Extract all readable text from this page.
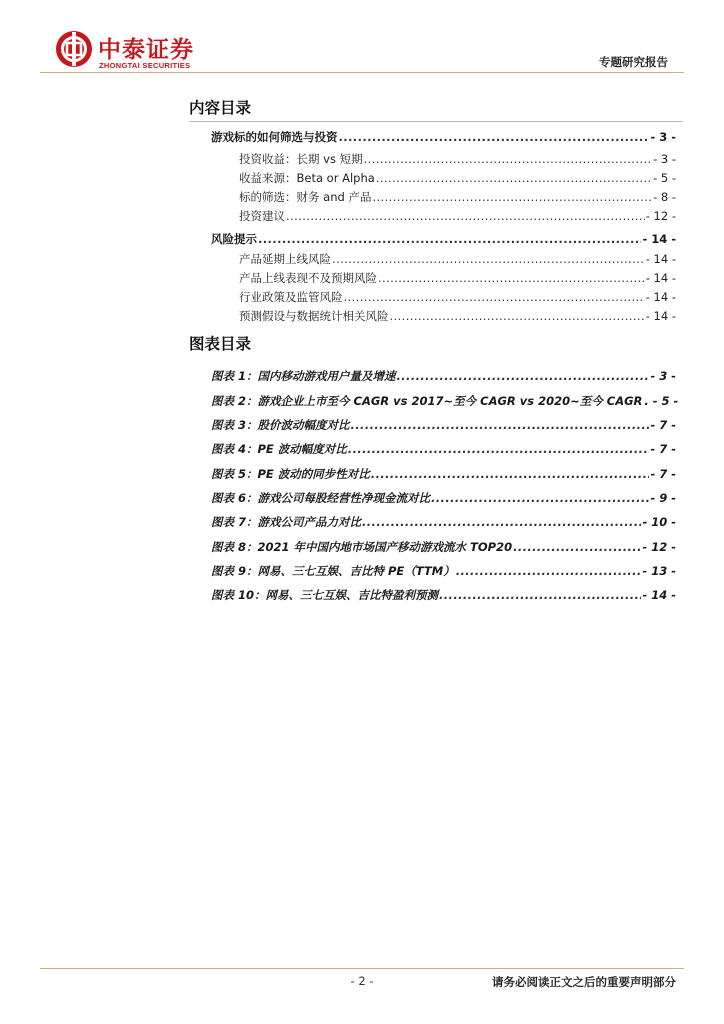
中泰证券
ZHONGTAI SECURITIES	专题研究报告
内容目录
游戏标的如何筛选与投资 .....	- 3 -
投资收益：长期 vs 短期 .....	- 3 -
收益来源：Beta or Alpha .....	- 5 -
标的筛选：财务 and 产品 .....	- 8 -
投资建议 .....	- 12 -
风险提示 .....	- 14 -
产品延期上线风险 .....	- 14 -
产品上线表现不及预期风险 .....	- 14 -
行业政策及监管风险 .....	- 14 -
预测假设与数据统计相关风险 .....	- 14 -
图表目录
图表 1：国内移动游戏用户量及增速 .....	- 3 -
图表 2：游戏企业上市至今 CAGR vs 2017~至今 CAGR vs 2020~至今 CAGR . - 5 -
图表 3：股价波动幅度对比 .....	- 7 -
图表 4：PE 波动幅度对比 .....	- 7 -
图表 5：PE 波动的同步性对比 .....	- 7 -
图表 6：游戏公司每股经营性净现金流对比 .....	- 9 -
图表 7：游戏公司产品力对比 .....	- 10 -
图表 8：2021 年中国内地市场国产移动游戏流水 TOP20 .....	- 12 -
图表 9：网易、三七互娱、吉比特 PE（TTM） .....	- 13 -
图表 10：网易、三七互娱、吉比特盈利预测 .....	- 14 -
- 2 -	请务必阅读正文之后的重要声明部分
